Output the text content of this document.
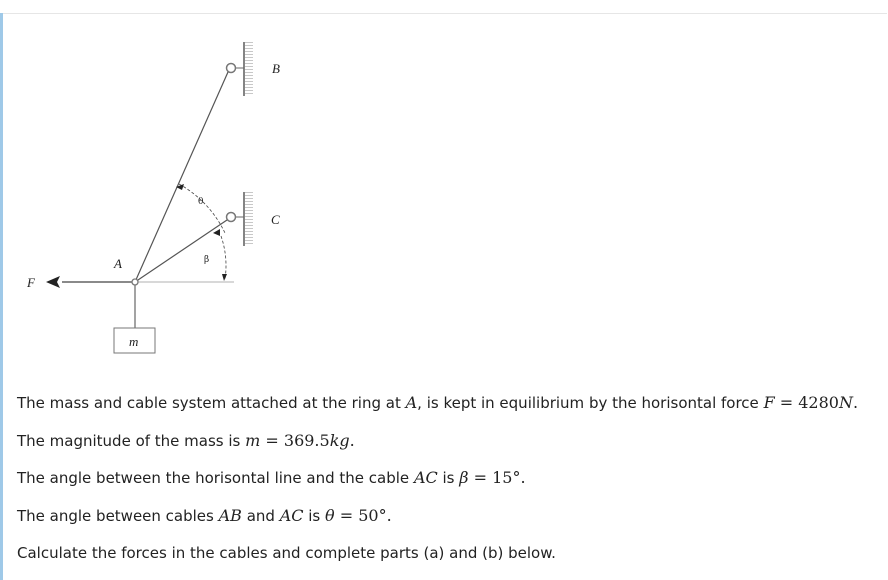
B
C
A
F
m
θ
β

The mass and cable system attached at the ring at A, is kept in equilibrium by the horisontal force F = 4280N.

The magnitude of the mass is m = 369.5kg.

The angle between the horisontal line and the cable AC is β = 15°.

The angle between cables AB and AC is θ = 50°.

Calculate the forces in the cables and complete parts (a) and (b) below.
